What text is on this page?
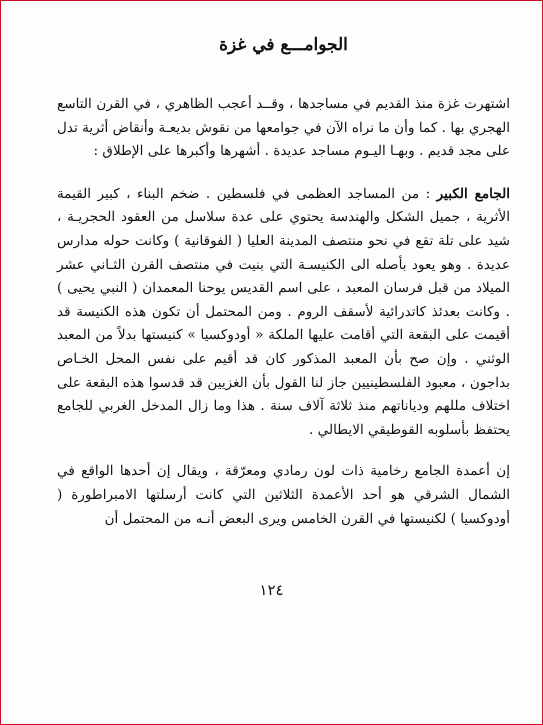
الجوامـــع في غزة

اشتهرت غزة منذ القديم في مساجدها ، وقــد أعجب الظاهري ، في القرن التاسع الهجري بها . كما وأن ما نراه الآن في جوامعها من نقوش بديعـة وأنقاض أثرية تدل على مجد قديم . وبهـا اليـوم مساجد عديدة . أشهرها وأكبرها على الإطلاق :

الجامع الكبير : من المساجد العظمى في فلسطين . ضخم البناء ، كبير القيمة الأثرية ، جميل الشكل والهندسة يحتوي على عدة سلاسل من العقود الحجريـة ، شيد على تلة تقع في نحو منتصف المدينة العليا ( الفوقانية ) وكانت حوله مدارس عديدة . وهو يعود بأصله الى الكنيسـة التي بنيت في منتصف القرن الثـاني عشر الميلاد من قبل فرسان المعبد ، على اسم القديس يوحنا المعمدان ( النبي يحيى ) . وكانت بعدئذ كاتدرائية لأسقف الروم . ومن المحتمل أن تكون هذه الكنيسة قد أقيمت على البقعة التي أقامت عليها الملكة « أودوكسيا » كنيستها بدلاً من المعبد الوثني . وإن صح بأن المعبد المذكور كان قد أقيم على نفس المحل الخـاص بداجون ، معبود الفلسطينيين جاز لنا القول بأن الغزيين قد قدسوا هذه البقعة على اختلاف مللهم ودياناتهم منذ ثلاثة آلاف سنة . هذا وما زال المدخل الغربي للجامع يحتفظ بأسلوبه القوطيقي الايطالي .

إن أعمدة الجامع رخامية ذات لون رمادي ومعرّقة ، ويقال إن أحدها الواقع في الشمال الشرقي هو أحد الأعمدة الثلاثين التي كانت أرسلتها الامبراطورة ( أودوكسيا ) لكنيستها في القرن الخامس ويرى البعض أنـه من المحتمل أن

١٢٤
